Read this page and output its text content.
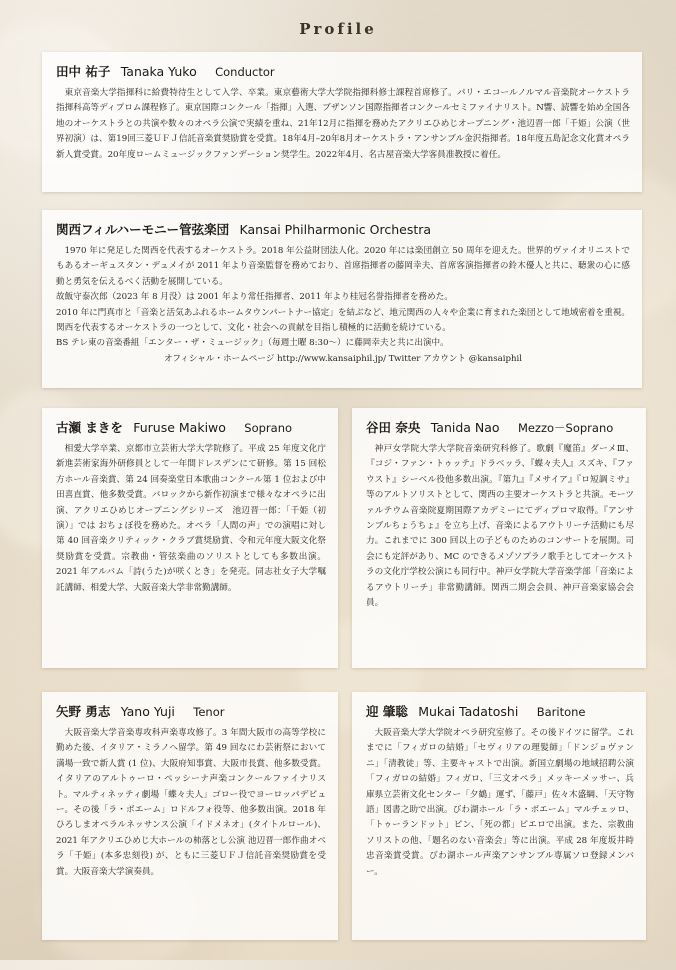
Profile
田中 祐子 Tanaka Yuko Conductor

東京音楽大学指揮科に給費特待生として入学、卒業。東京藝術大学大学院指揮科修士課程首席修了。パリ・エコールノルマル音楽院オーケストラ指揮科高等ディプロム課程修了。東京国際コンクール「指揮」入選、ブザンソン国際指揮者コンクールセミファイナリスト。N響、読響を始め全国各地のオーケストラとの共演や数々のオペラ公演で実績を重ね、21年12月に指揮を務めたアクリエひめじオープニング・池辺晋一郎「千姫」公演（世界初演）は、第19回三菱ＵＦＪ信託音楽賞奨励賞を受賞。18年4月–20年8月オーケストラ・アンサンブル金沢指揮者。18年度五島記念文化賞オペラ新人賞受賞。20年度ロームミュージックファンデーション奨学生。2022年4月、名古屋音楽大学客員准教授に着任。

関西フィルハーモニー管弦楽団 Kansai Philharmonic Orchestra

1970 年に発足した関西を代表するオーケストラ。2018 年公益財団法人化。2020 年には楽団創立 50 周年を迎えた。世界的ヴァイオリニストでもあるオーギュスタン・デュメイが 2011 年より音楽監督を務めており、首席指揮者の藤岡幸夫、首席客演指揮者の鈴木優人と共に、聴衆の心に感動と勇気を伝えるべく活動を展開している。

故飯守泰次郎（2023 年 8 月没）は 2001 年より常任指揮者、2011 年より桂冠名誉指揮者を務めた。

2010 年に門真市と「音楽と活気あふれるホームタウンパートナー協定」を結ぶなど、地元関西の人々や企業に育まれた楽団として地域密着を重視。関西を代表するオーケストラの一つとして、文化・社会への貢献を目指し積極的に活動を続けている。

BS テレ東の音楽番組「エンター・ザ・ミュージック」（毎週土曜 8:30～）に藤岡幸夫と共に出演中。

オフィシャル・ホームページ http://www.kansaiphil.jp/ Twitter アカウント @kansaiphil

古瀬 まきを Furuse Makiwo Soprano

相愛大学卒業、京都市立芸術大学大学院修了。平成 25 年度文化庁新進芸術家海外研修員として一年間ドレスデンにて研修。第 15 回松方ホール音楽賞、第 24 回奏楽堂日本歌曲コンクール第 1 位および中田喜直賞、他多数受賞。バロックから新作初演まで様々なオペラに出演、アクリエひめじオープニングシリーズ　池辺晋一郎：「千姫（初演）」では おちょぼ役を務めた。オペラ「人間の声」での演唱に対し第 40 回音楽クリティック・クラブ賞奨励賞、令和元年度大阪文化祭奨励賞を受賞。宗教曲・管弦楽曲のソリストとしても多数出演。2021 年アルバム「詩(うた)が咲くとき」を発売。同志社女子大学嘱託講師、相愛大学、大阪音楽大学非常勤講師。

谷田 奈央 Tanida Nao Mezzo－Soprano

神戸女学院大学大学院音楽研究科修了。歌劇『魔笛』ダーメⅢ、『コジ・ファン・トゥッテ』ドラベッラ、『蝶々夫人』スズキ、『ファウスト』シーベル役他多数出演。『第九』『メサイア』『ロ短調ミサ』等のアルトソリストとして、関西の主要オーケストラと共演。モーツァルテウム音楽院夏期国際アカデミーにてディプロマ取得。『アンサンブルちょうちょ』を立ち上げ、音楽によるアウトリーチ活動にも尽力。これまでに 300 回以上の子どものためのコンサートを展開。司会にも定評があり、MC のできるメゾソプラノ歌手としてオーケストラの文化庁学校公演にも同行中。神戸女学院大学音楽学部「音楽によるアウトリーチ」非常勤講師。関西二期会会員、神戸音楽家協会会員。

矢野 勇志 Yano Yuji Tenor

大阪音楽大学音楽専攻科声楽専攻修了。3 年間大阪市の高等学校に勤めた後、イタリア・ミラノへ留学。第 49 回なにわ芸術祭において満場一致で新人賞 (1 位)、大阪府知事賞、大阪市長賞、他多数受賞。イタリアのアルトゥーロ・ペッシーナ声楽コンクールファイナリスト。マルティネッティ劇場「蝶々夫人」ゴロー役でヨーロッパデビュー。その後「ラ・ボエーム」ロドルフォ役等、他多数出演。2018 年ひろしまオペラルネッサンス公演「イドメネオ」(タイトルロール)、2021 年アクリエひめじ大ホールの柿落とし公演 池辺晋一郎作曲オペラ「千姫」(本多忠刻役) が、ともに三菱ＵＦＪ信託音楽奨励賞を受賞。大阪音楽大学演奏員。

迎 肇聡 Mukai Tadatoshi Baritone

大阪音楽大学大学院オペラ研究室修了。その後ドイツに留学。これまでに「フィガロの結婚」「セヴィリアの理髪師」「ドンジョヴァンニ」「清教徒」等、主要キャストで出演。新国立劇場の地域招聘公演「フィガロの結婚」フィガロ、「三文オペラ」メッキーメッサー、兵庫県立芸術文化センター「夕鶴」運ず、「藤戸」佐々木盛綱、「天守物語」図書之助で出演。びわ湖ホール「ラ・ボエーム」マルチェッロ、「トゥーランドット」ピン、「死の都」ピエロで出演。また、宗教曲ソリストの他、「題名のない音楽会」等に出演。平成 28 年度坂井時忠音楽賞受賞。びわ湖ホール声楽アンサンブル専属ソロ登録メンバー。
